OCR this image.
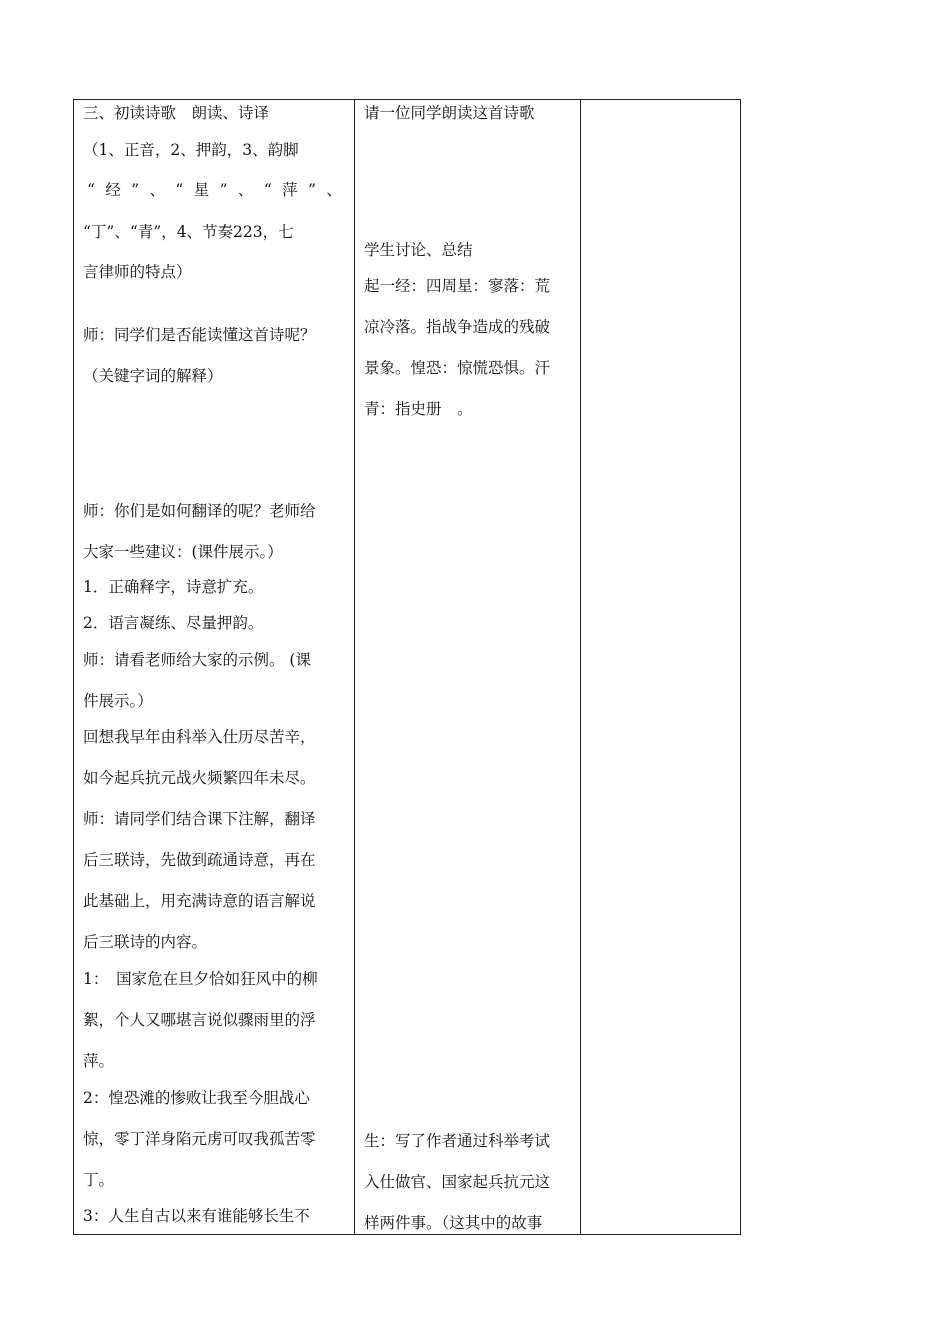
三、初读诗歌　朗读、诗译
（1、正音，2、押韵，3、韵脚
“ 经 ” 、 “ 星 ” 、 “ 萍 ” 、
“丁”、“青”，4、节奏223，七
言律师的特点）
师：同学们是否能读懂这首诗呢？
（关键字词的解释）
师：你们是如何翻译的呢？老师给
大家一些建议：(课件展示。）
1．正确释字，诗意扩充。
2．语言凝练、尽量押韵。
师：请看老师给大家的示例。 (课
件展示。）
回想我早年由科举入仕历尽苦辛，
如今起兵抗元战火频繁四年未尽。
师：请同学们结合课下注解，翻译
后三联诗，先做到疏通诗意，再在
此基础上，用充满诗意的语言解说
后三联诗的内容。
1：　国家危在旦夕恰如狂风中的柳
絮，个人又哪堪言说似骤雨里的浮
萍。
2：惶恐滩的惨败让我至今胆战心
惊，零丁洋身陷元虏可叹我孤苦零
丁。
3：人生自古以来有谁能够长生不
请一位同学朗读这首诗歌
学生讨论、总结
起一经：四周星：寥落：荒
凉冷落。指战争造成的残破
景象。惶恐：惊慌恐惧。汗
青：指史册　。
生：写了作者通过科举考试
入仕做官、国家起兵抗元这
样两件事。（这其中的故事
